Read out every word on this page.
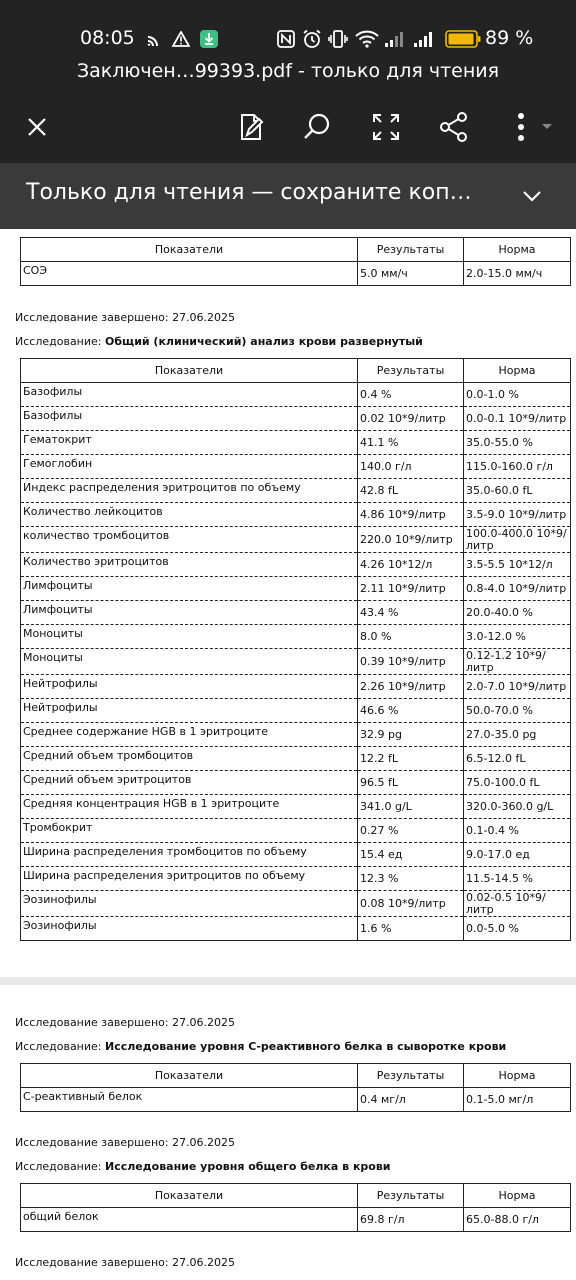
08:05	89 %
Заключен…99393.pdf - только для чтения
Только для чтения — сохраните коп…
Показатели	Результаты	Норма
СОЭ	5.0 мм/ч	2.0-15.0 мм/ч
Исследование завершено: 27.06.2025
Исследование: Общий (клинический) анализ крови развернутый
Показатели	Результаты	Норма
Базофилы	0.4 %	0.0-1.0 %
Базофилы	0.02 10*9/литр	0.0-0.1 10*9/литр
Гематокрит	41.1 %	35.0-55.0 %
Гемоглобин	140.0 г/л	115.0-160.0 г/л
Индекс распределения эритроцитов по объему	42.8 fL	35.0-60.0 fL
Количество лейкоцитов	4.86 10*9/литр	3.5-9.0 10*9/литр
количество тромбоцитов	220.0 10*9/литр	100.0-400.0 10*9/литр
Количество эритроцитов	4.26 10*12/л	3.5-5.5 10*12/л
Лимфоциты	2.11 10*9/литр	0.8-4.0 10*9/литр
Лимфоциты	43.4 %	20.0-40.0 %
Моноциты	8.0 %	3.0-12.0 %
Моноциты	0.39 10*9/литр	0.12-1.2 10*9/литр
Нейтрофилы	2.26 10*9/литр	2.0-7.0 10*9/литр
Нейтрофилы	46.6 %	50.0-70.0 %
Среднее содержание HGB в 1 эритроците	32.9 pg	27.0-35.0 pg
Средний объем тромбоцитов	12.2 fL	6.5-12.0 fL
Средний объем эритроцитов	96.5 fL	75.0-100.0 fL
Средняя концентрация HGB в 1 эритроците	341.0 g/L	320.0-360.0 g/L
Тромбокрит	0.27 %	0.1-0.4 %
Ширина распределения тромбоцитов по объему	15.4 ед	9.0-17.0 ед
Ширина распределения эритроцитов по объему	12.3 %	11.5-14.5 %
Эозинофилы	0.08 10*9/литр	0.02-0.5 10*9/литр
Эозинофилы	1.6 %	0.0-5.0 %
Исследование завершено: 27.06.2025
Исследование: Исследование уровня С-реактивного белка в сыворотке крови
Показатели	Результаты	Норма
С-реактивный белок	0.4 мг/л	0.1-5.0 мг/л
Исследование завершено: 27.06.2025
Исследование: Исследование уровня общего белка в крови
Показатели	Результаты	Норма
общий белок	69.8 г/л	65.0-88.0 г/л
Исследование завершено: 27.06.2025
